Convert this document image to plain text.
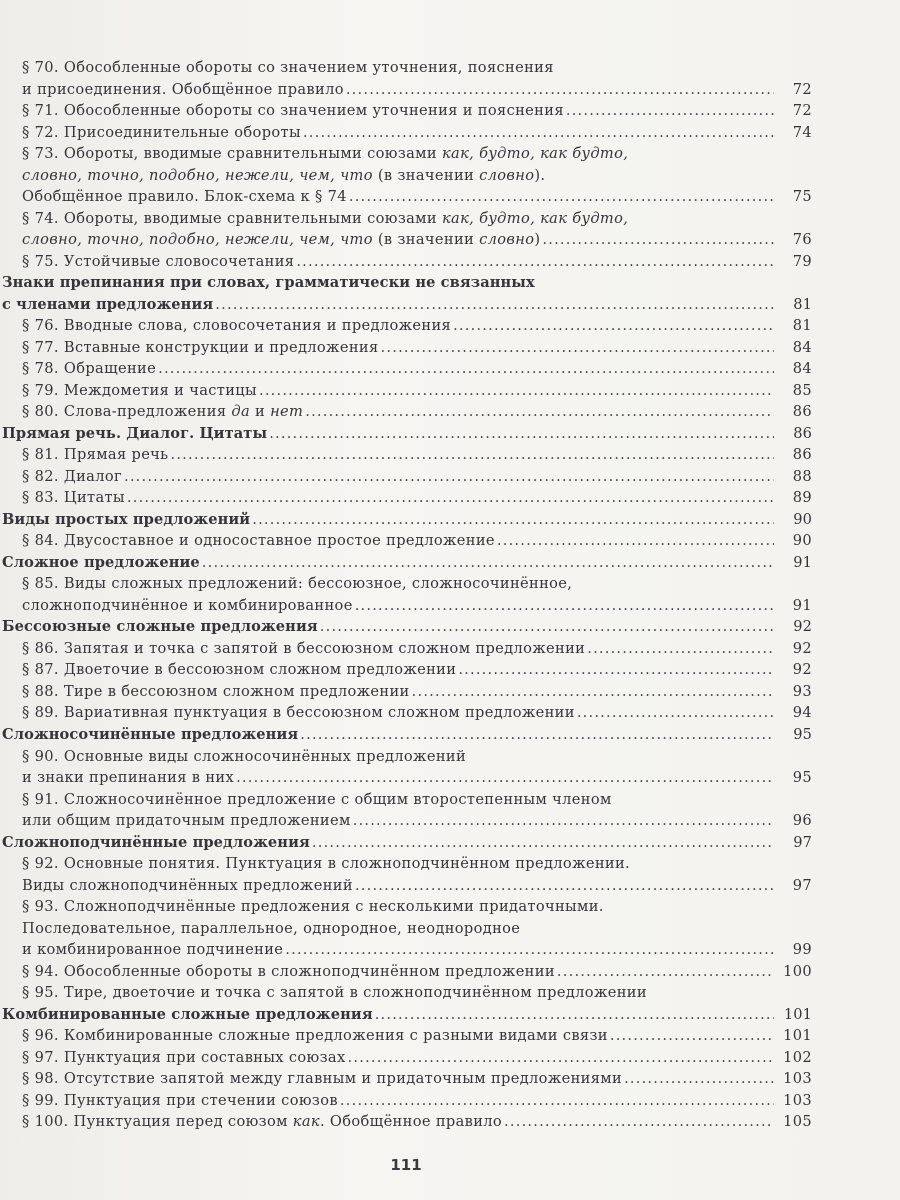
§ 70. Обособленные обороты со значением уточнения, пояснения
и присоединения. Обобщённое правило .....	72
§ 71. Обособленные обороты со значением уточнения и пояснения .....	72
§ 72. Присоединительные обороты .....	74
§ 73. Обороты, вводимые сравнительными союзами как, будто, как будто,
словно, точно, подобно, нежели, чем, что (в значении словно).
Обобщённое правило. Блок-схема к § 74 .....	75
§ 74. Обороты, вводимые сравнительными союзами как, будто, как будто,
словно, точно, подобно, нежели, чем, что (в значении словно) .....	76
§ 75. Устойчивые словосочетания .....	79
Знаки препинания при словах, грамматически не связанных
с членами предложения .....	81
§ 76. Вводные слова, словосочетания и предложения .....	81
§ 77. Вставные конструкции и предложения .....	84
§ 78. Обращение .....	84
§ 79. Междометия и частицы .....	85
§ 80. Слова-предложения да и нет .....	86
Прямая речь. Диалог. Цитаты .....	86
§ 81. Прямая речь .....	86
§ 82. Диалог .....	88
§ 83. Цитаты .....	89
Виды простых предложений .....	90
§ 84. Двусоставное и односоставное простое предложение .....	90
Сложное предложение .....	91
§ 85. Виды сложных предложений: бессоюзное, сложносочинённое,
сложноподчинённое и комбинированное .....	91
Бессоюзные сложные предложения .....	92
§ 86. Запятая и точка с запятой в бессоюзном сложном предложении .....	92
§ 87. Двоеточие в бессоюзном сложном предложении .....	92
§ 88. Тире в бессоюзном сложном предложении .....	93
§ 89. Вариативная пунктуация в бессоюзном сложном предложении .....	94
Сложносочинённые предложения .....	95
§ 90. Основные виды сложносочинённых предложений
и знаки препинания в них .....	95
§ 91. Сложносочинённое предложение с общим второстепенным членом
или общим придаточным предложением .....	96
Сложноподчинённые предложения .....	97
§ 92. Основные понятия. Пунктуация в сложноподчинённом предложении.
Виды сложноподчинённых предложений .....	97
§ 93. Сложноподчинённые предложения с несколькими придаточными.
Последовательное, параллельное, однородное, неоднородное
и комбинированное подчинение .....	99
§ 94. Обособленные обороты в сложноподчинённом предложении .....	100
§ 95. Тире, двоеточие и точка с запятой в сложноподчинённом предложении
Комбинированные сложные предложения .....	101
§ 96. Комбинированные сложные предложения с разными видами связи .....	101
§ 97. Пунктуация при составных союзах .....	102
§ 98. Отсутствие запятой между главным и придаточным предложениями .....	103
§ 99. Пунктуация при стечении союзов .....	103
§ 100. Пунктуация перед союзом как. Обобщённое правило .....	105
111
